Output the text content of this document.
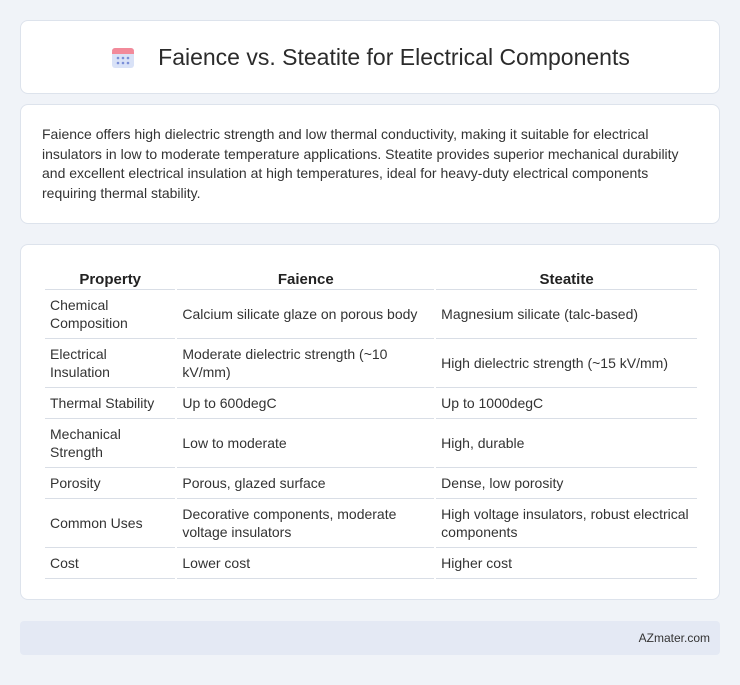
Faience vs. Steatite for Electrical Components

Faience offers high dielectric strength and low thermal conductivity, making it suitable for electrical insulators in low to moderate temperature applications. Steatite provides superior mechanical durability and excellent electrical insulation at high temperatures, ideal for heavy-duty electrical components requiring thermal stability.

Property	Faience	Steatite
Chemical Composition	Calcium silicate glaze on porous body	Magnesium silicate (talc-based)
Electrical Insulation	Moderate dielectric strength (~10 kV/mm)	High dielectric strength (~15 kV/mm)
Thermal Stability	Up to 600degC	Up to 1000degC
Mechanical Strength	Low to moderate	High, durable
Porosity	Porous, glazed surface	Dense, low porosity
Common Uses	Decorative components, moderate voltage insulators	High voltage insulators, robust electrical components
Cost	Lower cost	Higher cost
AZmater.com
